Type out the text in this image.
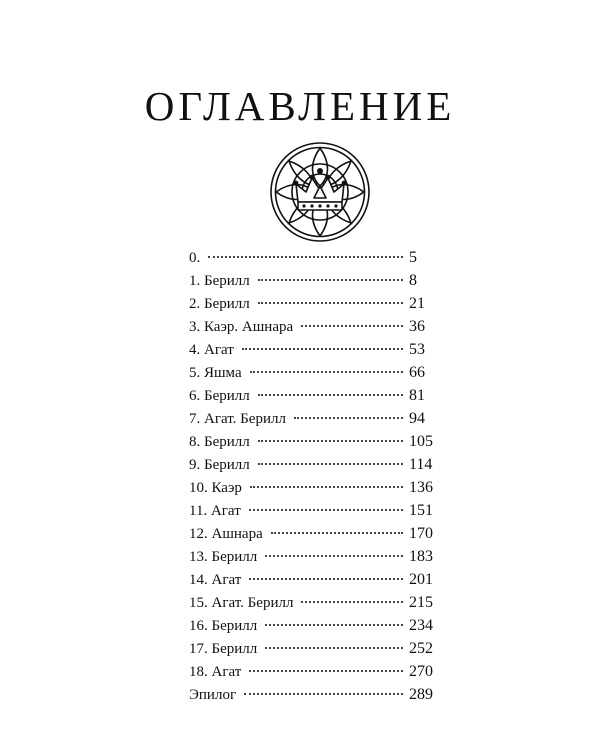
ОГЛАВЛЕНИЕ
0.	5
1. Берилл	8
2. Берилл	21
3. Каэр. Ашнара	36
4. Агат	53
5. Яшма	66
6. Берилл	81
7. Агат. Берилл	94
8. Берилл	105
9. Берилл	114
10. Каэр	136
11. Агат	151
12. Ашнара	170
13. Берилл	183
14. Агат	201
15. Агат. Берилл	215
16. Берилл	234
17. Берилл	252
18. Агат	270
Эпилог	289
